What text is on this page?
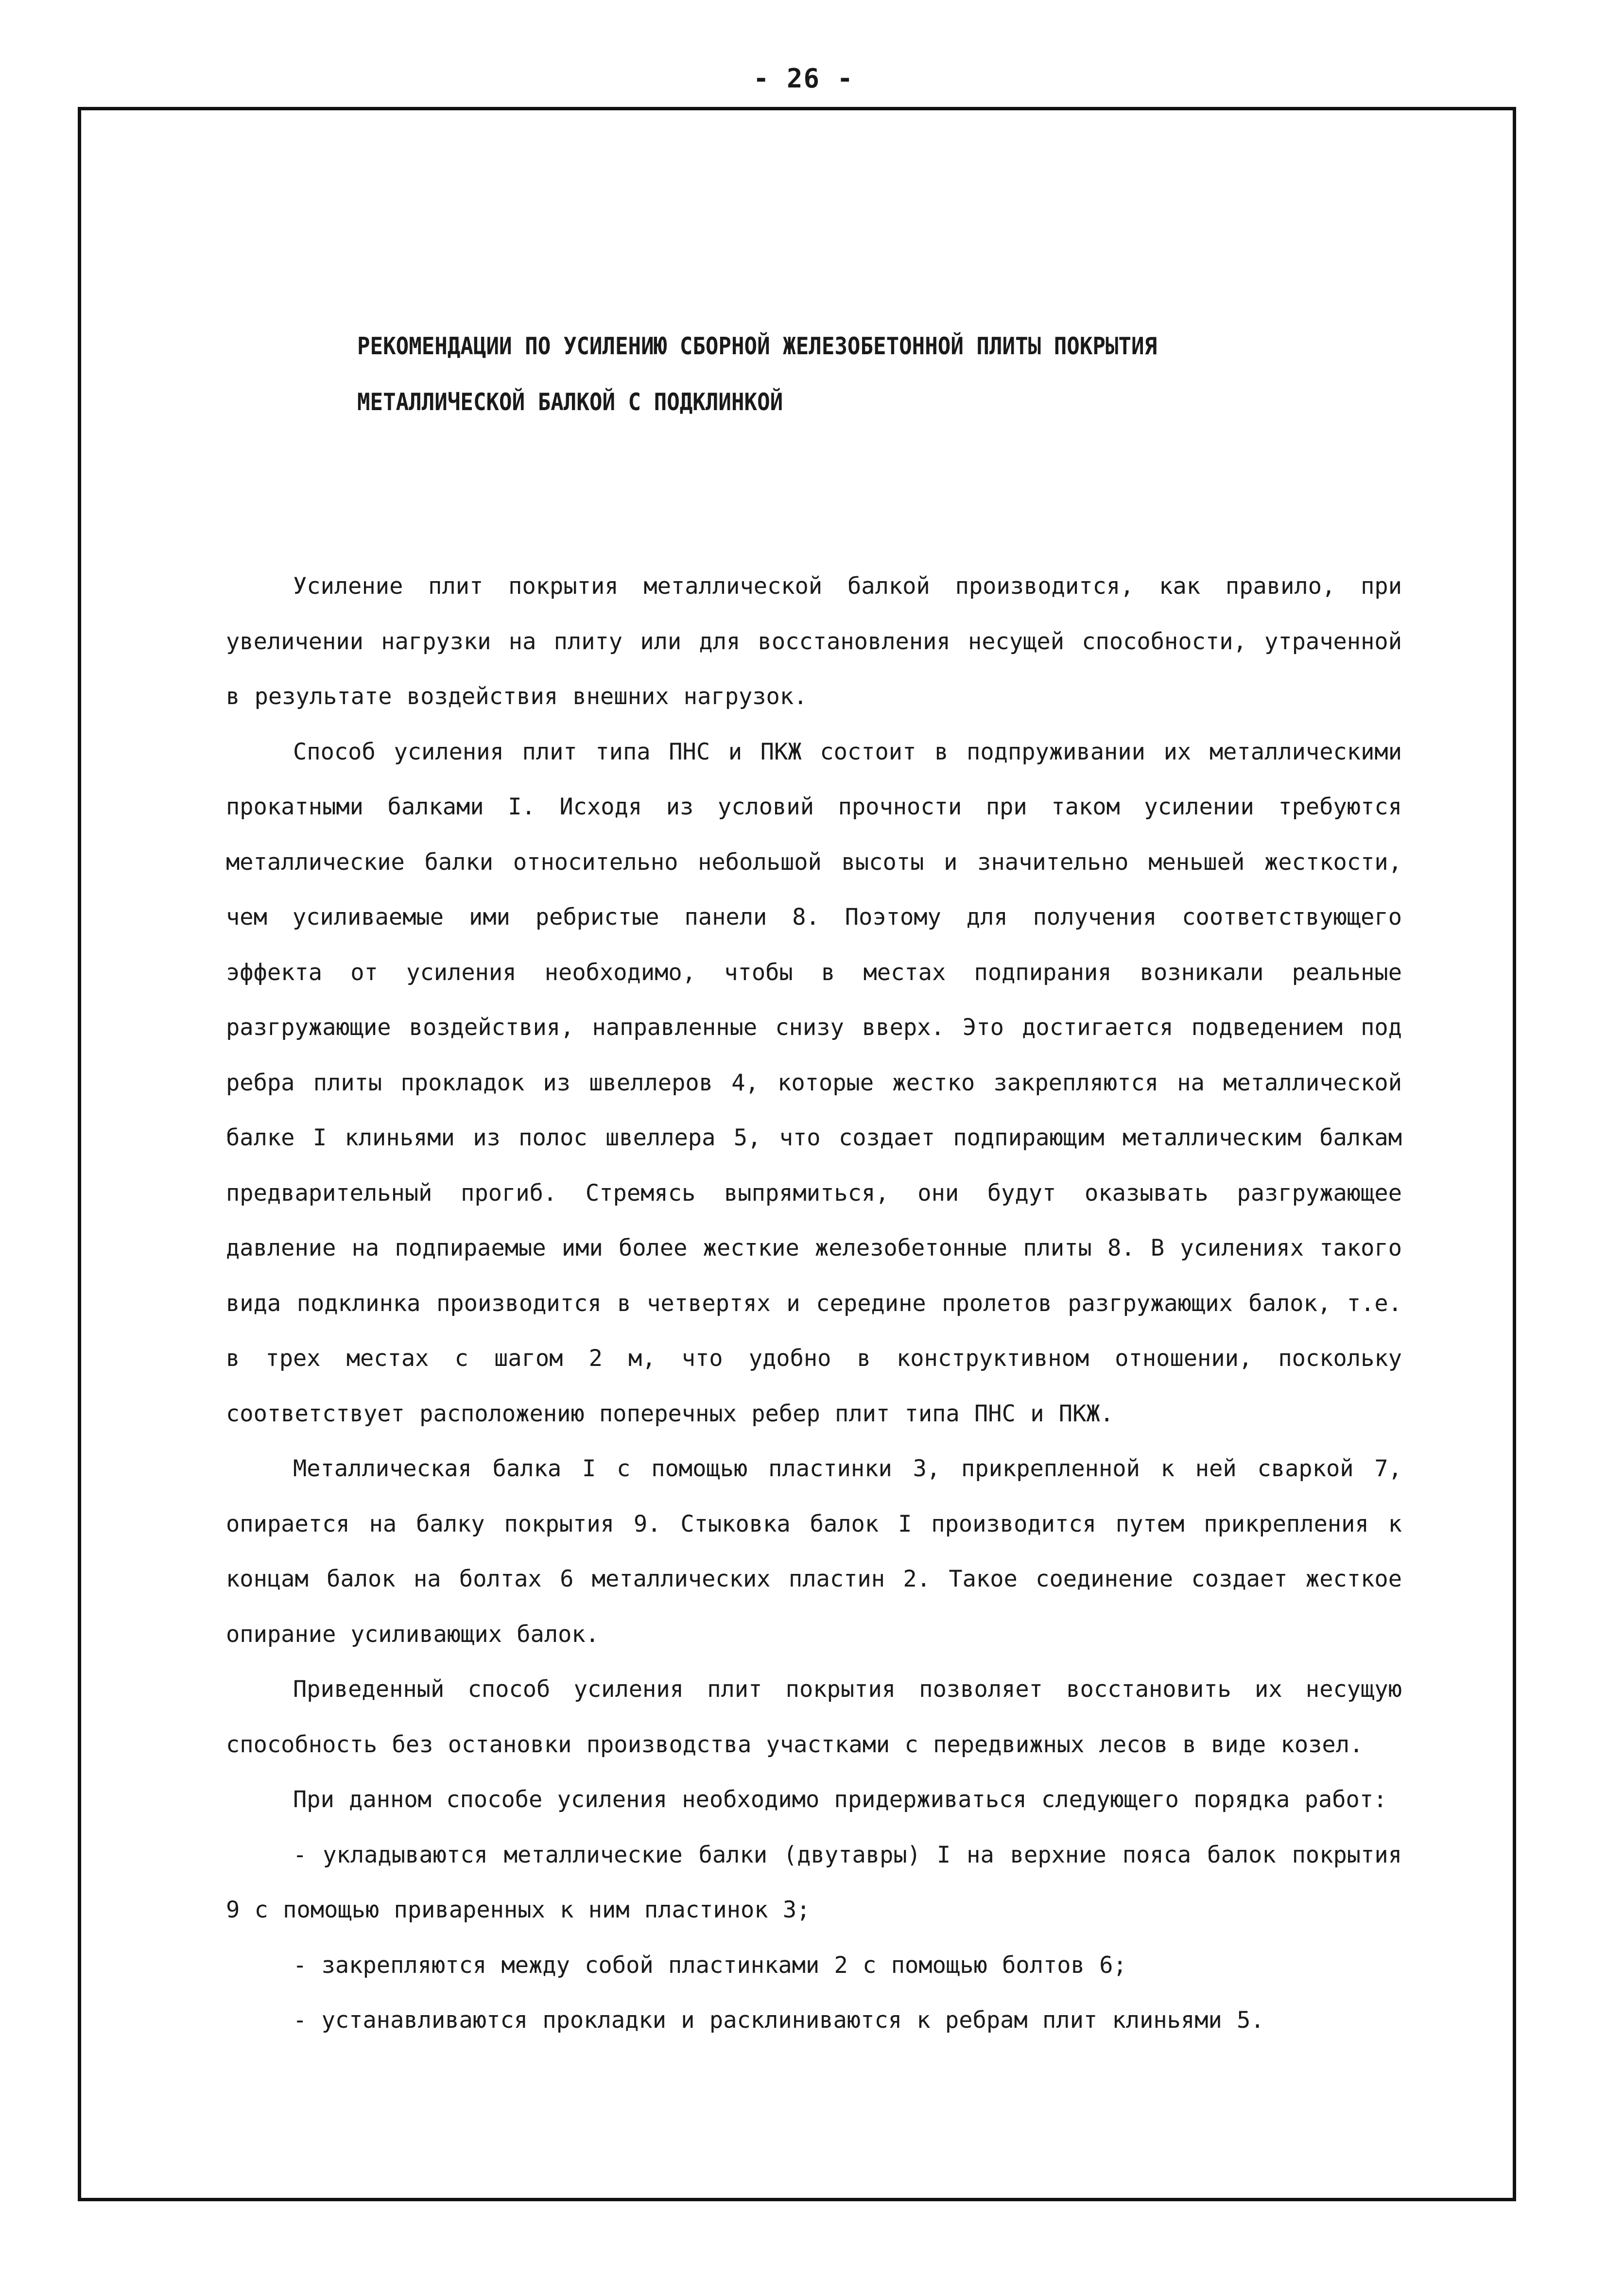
- 26 -
РЕКОМЕНДАЦИИ ПО УСИЛЕНИЮ СБОРНОЙ ЖЕЛЕЗОБЕТОННОЙ ПЛИТЫ ПОКРЫТИЯ
МЕТАЛЛИЧЕСКОЙ БАЛКОЙ С ПОДКЛИНКОЙ

Усиление плит покрытия металлической балкой производится, как правило, при увеличении нагрузки на плиту или для восстановления несущей способности, утраченной в результате воздействия внешних нагрузок.

Способ усиления плит типа ПНС и ПКЖ состоит в подпруживании их металлическими прокатными балками I. Исходя из условий прочности при таком усилении требуются металлические балки относительно небольшой высоты и значительно меньшей жесткости, чем усиливаемые ими ребристые панели 8. Поэтому для получения соответствующего эффекта от усиления необходимо, чтобы в местах подпирания возникали реальные разгружающие воздействия, направленные снизу вверх. Это достигается подведением под ребра плиты прокладок из швеллеров 4, которые жестко закрепляются на металлической балке I клиньями из полос швеллера 5, что создает подпирающим металлическим балкам предварительный прогиб. Стремясь выпрямиться, они будут оказывать разгружающее давление на подпираемые ими более жесткие железобетонные плиты 8. В усилениях такого вида подклинка производится в четвертях и середине пролетов разгружающих балок, т.е. в трех местах с шагом 2 м, что удобно в конструктивном отношении, поскольку соответствует расположению поперечных ребер плит типа ПНС и ПКЖ.

Металлическая балка I с помощью пластинки 3, прикрепленной к ней сваркой 7, опирается на балку покрытия 9. Стыковка балок I производится путем прикрепления к концам балок на болтах 6 металлических пластин 2. Такое соединение создает жесткое опирание усиливающих балок.

Приведенный способ усиления плит покрытия позволяет восстановить их несущую способность без остановки производства участками с передвижных лесов в виде козел.

При данном способе усиления необходимо придерживаться следующего порядка работ:

- укладываются металлические балки (двутавры) I на верхние пояса балок покрытия 9 с помощью приваренных к ним пластинок 3;

- закрепляются между собой пластинками 2 с помощью болтов 6;

- устанавливаются прокладки и расклиниваются к ребрам плит клиньями 5.
